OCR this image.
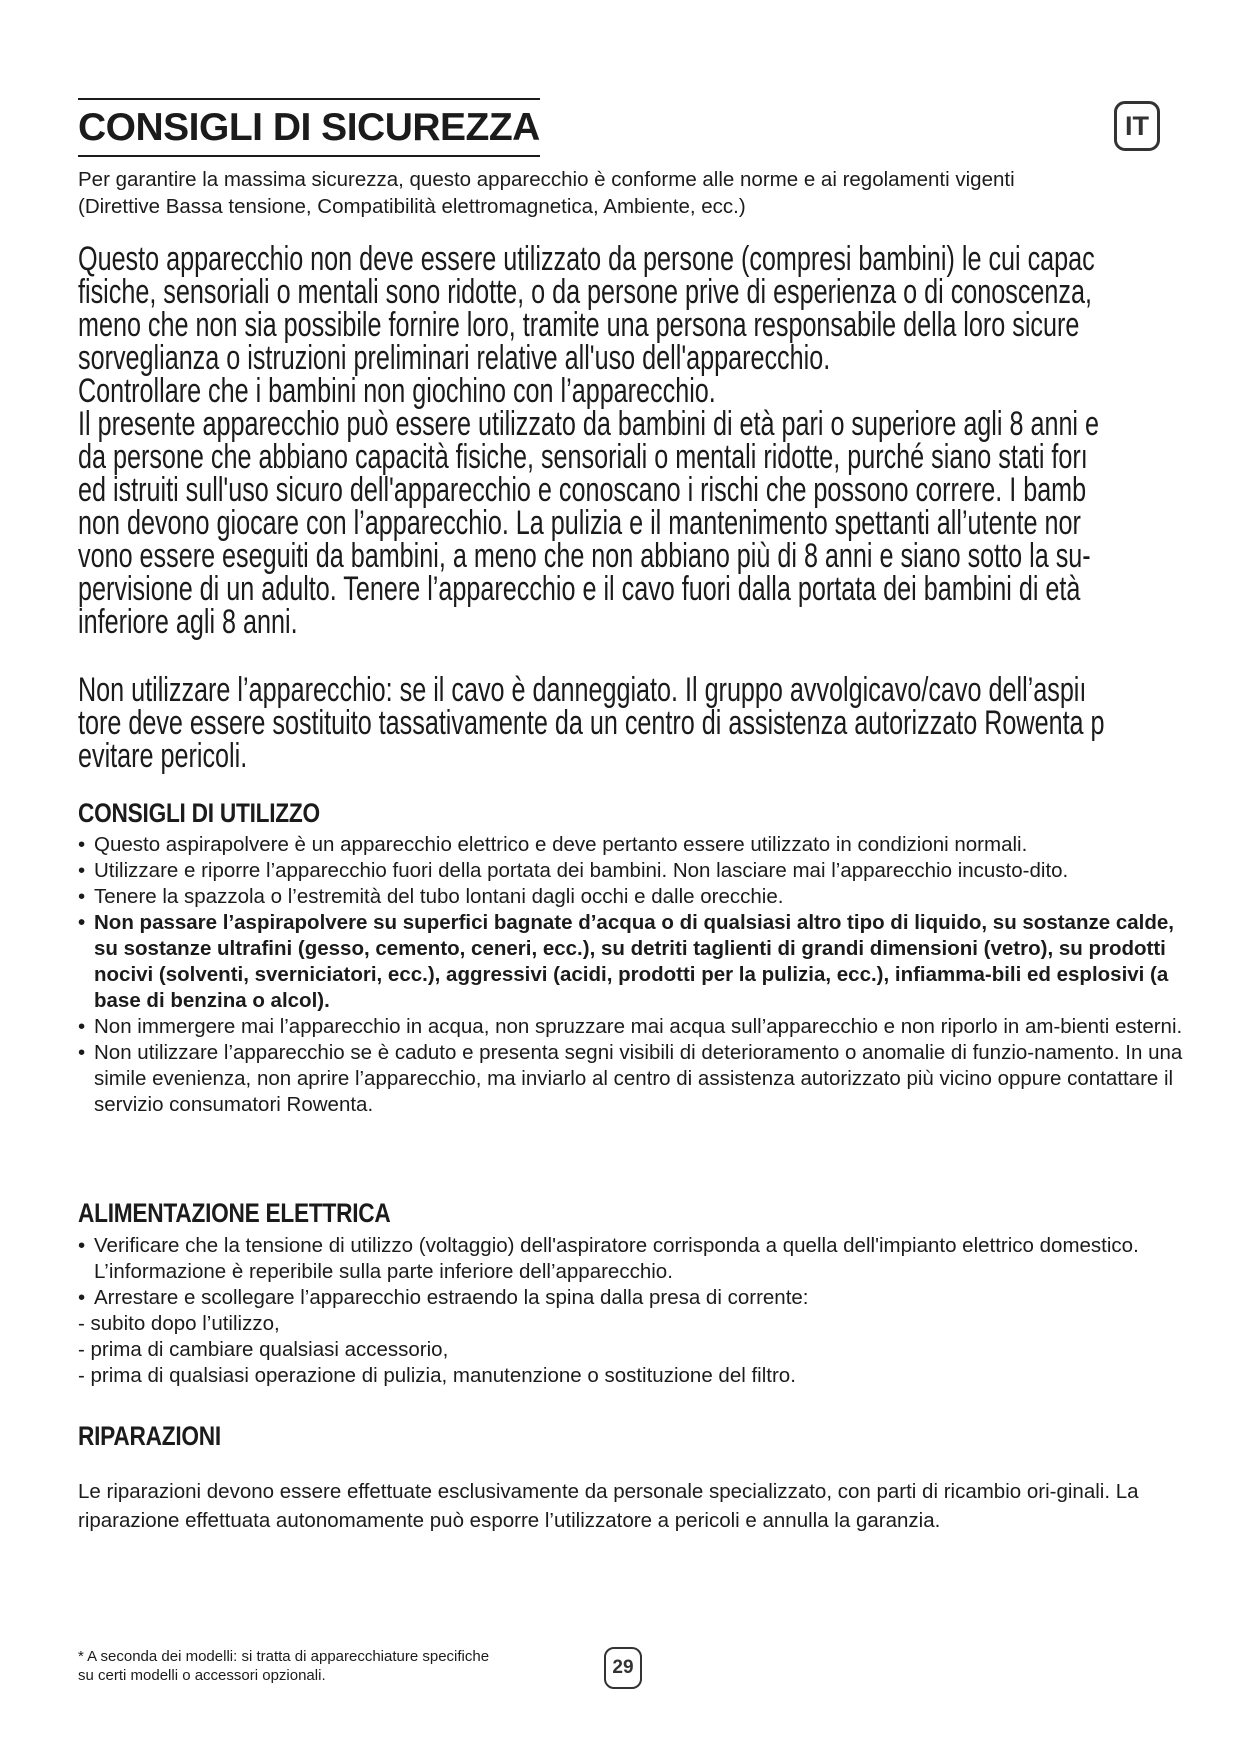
CONSIGLI DI SICUREZZA	IT

Per garantire la massima sicurezza, questo apparecchio è conforme alle norme e ai regolamenti vigenti
(Direttive Bassa tensione, Compatibilità elettromagnetica, Ambiente, ecc.)

Questo apparecchio non deve essere utilizzato da persone (compresi bambini) le cui capac
fisiche, sensoriali o mentali sono ridotte, o da persone prive di esperienza o di conoscenza,
meno che non sia possibile fornire loro, tramite una persona responsabile della loro sicure
sorveglianza o istruzioni preliminari relative all'uso dell'apparecchio.
Controllare che i bambini non giochino con l’apparecchio.
Il presente apparecchio può essere utilizzato da bambini di età pari o superiore agli 8 anni e
da persone che abbiano capacità fisiche, sensoriali o mentali ridotte, purché siano stati forı
ed istruiti sull'uso sicuro dell'apparecchio e conoscano i rischi che possono correre. I bamb
non devono giocare con l’apparecchio. La pulizia e il mantenimento spettanti all’utente nor
vono essere eseguiti da bambini, a meno che non abbiano più di 8 anni e siano sotto la su-
pervisione di un adulto. Tenere l’apparecchio e il cavo fuori dalla portata dei bambini di età
inferiore agli 8 anni.

Non utilizzare l’apparecchio: se il cavo è danneggiato. Il gruppo avvolgicavo/cavo dell’aspiı
tore deve essere sostituito tassativamente da un centro di assistenza autorizzato Rowenta p
evitare pericoli.

CONSIGLI DI UTILIZZO
• Questo aspirapolvere è un apparecchio elettrico e deve pertanto essere utilizzato in condizioni normali.
• Utilizzare e riporre l’apparecchio fuori della portata dei bambini. Non lasciare mai l’apparecchio incusto-dito.
• Tenere la spazzola o l’estremità del tubo lontani dagli occhi e dalle orecchie.
• Non passare l’aspirapolvere su superfici bagnate d’acqua o di qualsiasi altro tipo di liquido, su sostanze calde, su sostanze ultrafini (gesso, cemento, ceneri, ecc.), su detriti taglienti di grandi dimensioni (vetro), su prodotti nocivi (solventi, sverniciatori, ecc.), aggressivi (acidi, prodotti per la pulizia, ecc.), infiamma-bili ed esplosivi (a base di benzina o alcol).
• Non immergere mai l’apparecchio in acqua, non spruzzare mai acqua sull’apparecchio e non riporlo in am-bienti esterni.
• Non utilizzare l’apparecchio se è caduto e presenta segni visibili di deterioramento o anomalie di funzio-namento. In una simile evenienza, non aprire l’apparecchio, ma inviarlo al centro di assistenza autorizzato più vicino oppure contattare il servizio consumatori Rowenta.
ALIMENTAZIONE ELETTRICA
• Verificare che la tensione di utilizzo (voltaggio) dell'aspiratore corrisponda a quella dell'impianto elettrico domestico. L’informazione è reperibile sulla parte inferiore dell’apparecchio.
• Arrestare e scollegare l’apparecchio estraendo la spina dalla presa di corrente:
- subito dopo l’utilizzo,
- prima di cambiare qualsiasi accessorio,
- prima di qualsiasi operazione di pulizia, manutenzione o sostituzione del filtro.
RIPARAZIONI

Le riparazioni devono essere effettuate esclusivamente da personale specializzato, con parti di ricambio ori-ginali. La riparazione effettuata autonomamente può esporre l’utilizzatore a pericoli e annulla la garanzia.

* A seconda dei modelli: si tratta di apparecchiature specifiche
su certi modelli o accessori opzionali.	29
